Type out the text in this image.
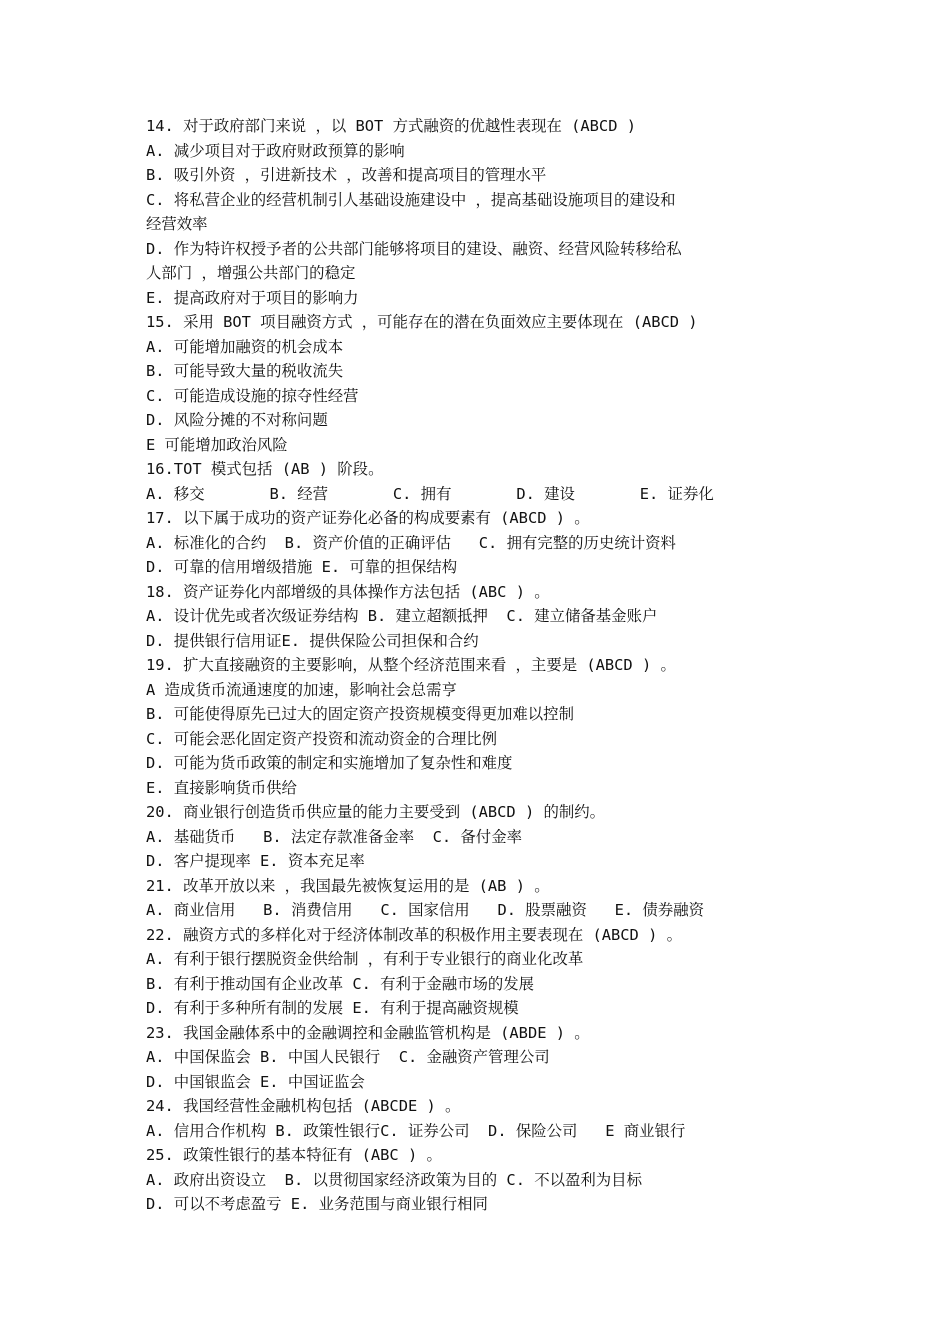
14. 对于政府部门来说 ，以 BOT 方式融资的优越性表现在 (ABCD )
A. 减少项目对于政府财政预算的影响
B. 吸引外资 ，引进新技术 ，改善和提高项目的管理水平
C. 将私营企业的经营机制引人基础设施建设中 ，提高基础设施项目的建设和
经营效率
D. 作为特许权授予者的公共部门能够将项目的建设、融资、经营风险转移给私
人部门 ，增强公共部门的稳定
E. 提高政府对于项目的影响力
15. 采用 BOT 项目融资方式 ，可能存在的潜在负面效应主要体现在 (ABCD )
A. 可能增加融资的机会成本
B. 可能导致大量的税收流失
C. 可能造成设施的掠夺性经营
D. 风险分摊的不对称问题
E 可能增加政治风险
16.TOT 模式包括 (AB ) 阶段。
A. 移交       B. 经营       C. 拥有       D. 建设       E. 证券化
17. 以下属于成功的资产证券化必备的构成要素有 (ABCD ) 。
A. 标准化的合约  B. 资产价值的正确评估   C. 拥有完整的历史统计资料
D. 可靠的信用增级措施 E. 可靠的担保结构
18. 资产证券化内部增级的具体操作方法包括 (ABC ) 。
A. 设计优先或者次级证券结构 B. 建立超额抵押  C. 建立储备基金账户
D. 提供银行信用证E. 提供保险公司担保和合约
19. 扩大直接融资的主要影响，从整个经济范围来看 ，主要是 (ABCD ) 。
A 造成货币流通速度的加速，影响社会总需亨
B. 可能使得原先已过大的固定资产投资规模变得更加难以控制
C. 可能会恶化固定资产投资和流动资金的合理比例
D. 可能为货币政策的制定和实施增加了复杂性和难度
E. 直接影响货币供给
20. 商业银行创造货币供应量的能力主要受到 (ABCD ) 的制约。
A. 基础货币   B. 法定存款准备金率  C. 备付金率
D. 客户提现率 E. 资本充足率
21. 改革开放以来 ，我国最先被恢复运用的是 (AB ) 。
A. 商业信用   B. 消费信用   C. 国家信用   D. 股票融资   E. 债券融资
22. 融资方式的多样化对于经济体制改革的积极作用主要表现在 (ABCD ) 。
A. 有利于银行摆脱资金供给制 ，有利于专业银行的商业化改革
B. 有利于推动国有企业改革 C. 有利于金融市场的发展
D. 有利于多种所有制的发展 E. 有利于提高融资规模
23. 我国金融体系中的金融调控和金融监管机构是 (ABDE ) 。
A. 中国保监会 B. 中国人民银行  C. 金融资产管理公司
D. 中国银监会 E. 中国证监会
24. 我国经营性金融机构包括 (ABCDE ) 。
A. 信用合作机构 B. 政策性银行C. 证券公司  D. 保险公司   E 商业银行
25. 政策性银行的基本特征有 (ABC ) 。
A. 政府出资设立  B. 以贯彻国家经济政策为目的 C. 不以盈利为目标
D. 可以不考虑盈亏 E. 业务范围与商业银行相同
